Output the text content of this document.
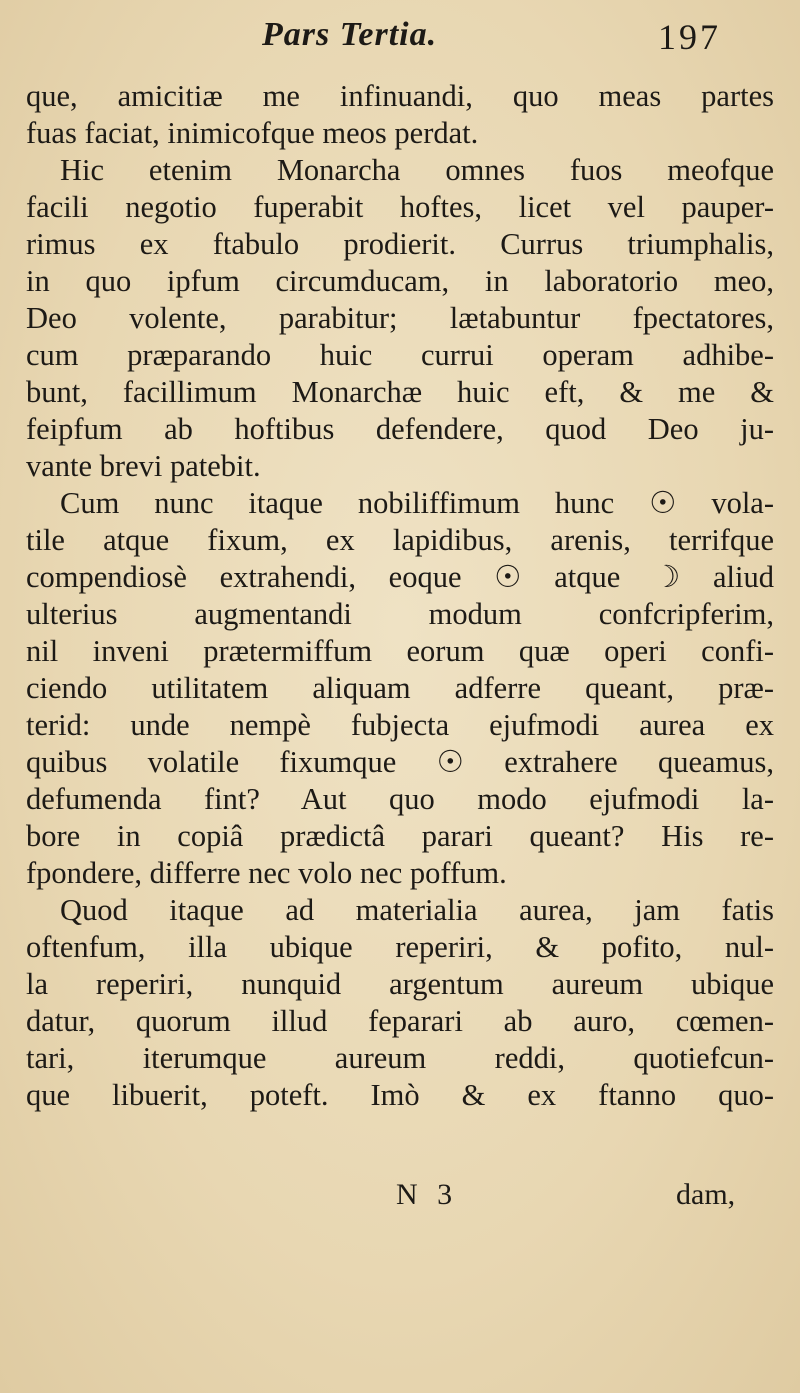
Pars Tertia.	197
que, amicitiæ me infinuandi, quo meas partes
fuas faciat, inimicofque meos perdat.
Hic etenim Monarcha omnes fuos meofque
facili negotio fuperabit hoftes, licet vel pauper-
rimus ex ftabulo prodierit. Currus triumphalis,
in quo ipfum circumducam, in laboratorio meo,
Deo volente, parabitur; lætabuntur fpectatores,
cum præparando huic currui operam adhibe-
bunt, facillimum Monarchæ huic eft, & me &
feipfum ab hoftibus defendere, quod Deo ju-
vante brevi patebit.
Cum nunc itaque nobiliffimum hunc ☉ vola-
tile atque fixum, ex lapidibus, arenis, terrifque
compendiosè extrahendi, eoque ☉ atque ☽ aliud
ulterius augmentandi modum confcripferim,
nil inveni prætermiffum eorum quæ operi confi-
ciendo utilitatem aliquam adferre queant, præ-
terid: unde nempè fubjecta ejufmodi aurea ex
quibus volatile fixumque ☉ extrahere queamus,
defumenda fint? Aut quo modo ejufmodi la-
bore in copiâ prædictâ parari queant? His re-
fpondere, differre nec volo nec poffum.
Quod itaque ad materialia aurea, jam fatis
oftenfum, illa ubique reperiri, & pofito, nul-
la reperiri, nunquid argentum aureum ubique
datur, quorum illud feparari ab auro, cœmen-
tari, iterumque aureum reddi, quotiefcun-
que libuerit, poteft. Imò & ex ftanno quo-
N 3	dam,
